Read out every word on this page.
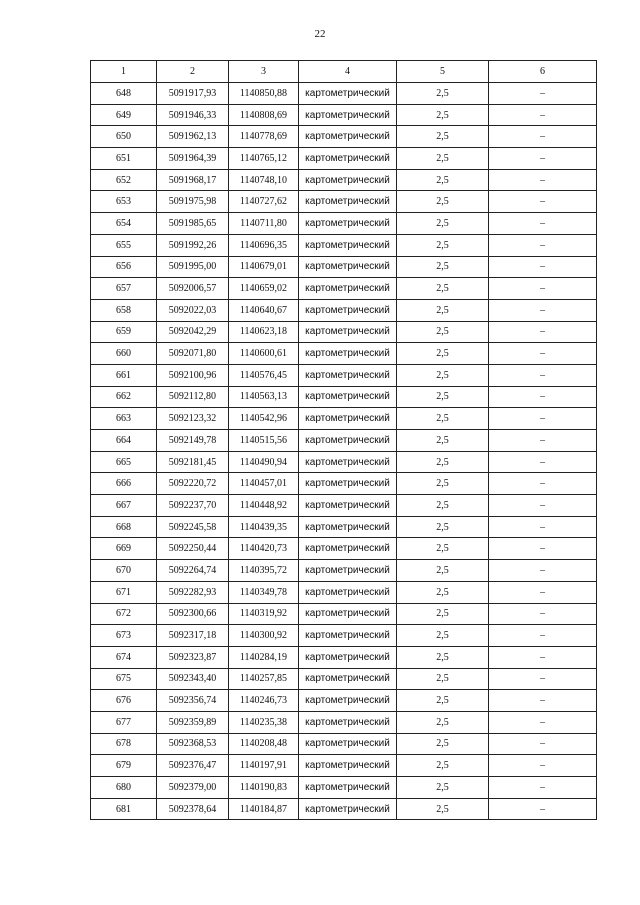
22
1	2	3	4	5	6
648	5091917,93	1140850,88	картометрический	2,5	–
649	5091946,33	1140808,69	картометрический	2,5	–
650	5091962,13	1140778,69	картометрический	2,5	–
651	5091964,39	1140765,12	картометрический	2,5	–
652	5091968,17	1140748,10	картометрический	2,5	–
653	5091975,98	1140727,62	картометрический	2,5	–
654	5091985,65	1140711,80	картометрический	2,5	–
655	5091992,26	1140696,35	картометрический	2,5	–
656	5091995,00	1140679,01	картометрический	2,5	–
657	5092006,57	1140659,02	картометрический	2,5	–
658	5092022,03	1140640,67	картометрический	2,5	–
659	5092042,29	1140623,18	картометрический	2,5	–
660	5092071,80	1140600,61	картометрический	2,5	–
661	5092100,96	1140576,45	картометрический	2,5	–
662	5092112,80	1140563,13	картометрический	2,5	–
663	5092123,32	1140542,96	картометрический	2,5	–
664	5092149,78	1140515,56	картометрический	2,5	–
665	5092181,45	1140490,94	картометрический	2,5	–
666	5092220,72	1140457,01	картометрический	2,5	–
667	5092237,70	1140448,92	картометрический	2,5	–
668	5092245,58	1140439,35	картометрический	2,5	–
669	5092250,44	1140420,73	картометрический	2,5	–
670	5092264,74	1140395,72	картометрический	2,5	–
671	5092282,93	1140349,78	картометрический	2,5	–
672	5092300,66	1140319,92	картометрический	2,5	–
673	5092317,18	1140300,92	картометрический	2,5	–
674	5092323,87	1140284,19	картометрический	2,5	–
675	5092343,40	1140257,85	картометрический	2,5	–
676	5092356,74	1140246,73	картометрический	2,5	–
677	5092359,89	1140235,38	картометрический	2,5	–
678	5092368,53	1140208,48	картометрический	2,5	–
679	5092376,47	1140197,91	картометрический	2,5	–
680	5092379,00	1140190,83	картометрический	2,5	–
681	5092378,64	1140184,87	картометрический	2,5	–
